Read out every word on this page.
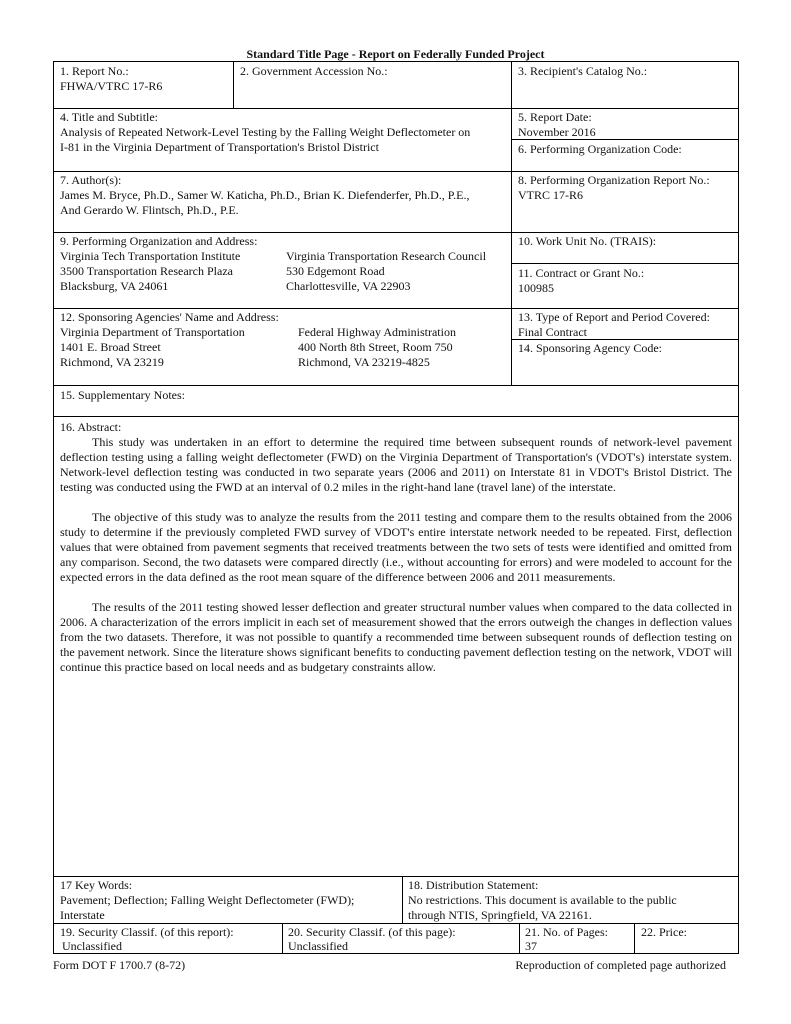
Standard Title Page - Report on Federally Funded Project
1. Report No.:
FHWA/VTRC 17-R6
2. Government Accession No.:	3. Recipient's Catalog No.:
4. Title and Subtitle:
Analysis of Repeated Network-Level Testing by the Falling Weight Deflectometer on
I-81 in the Virginia Department of Transportation's Bristol District
5. Report Date:
November 2016
6. Performing Organization Code:
7. Author(s):
James M. Bryce, Ph.D., Samer W. Katicha, Ph.D., Brian K. Diefenderfer, Ph.D., P.E.,
And Gerardo W. Flintsch, Ph.D., P.E.
8. Performing Organization Report No.:
VTRC 17-R6
9. Performing Organization and Address:
Virginia Tech Transportation Institute
3500 Transportation Research Plaza
Blacksburg, VA 24061
Virginia Transportation Research Council
530 Edgemont Road
Charlottesville, VA 22903
10. Work Unit No. (TRAIS):
11. Contract or Grant No.:
100985
12. Sponsoring Agencies' Name and Address:
Virginia Department of Transportation
1401 E. Broad Street
Richmond, VA 23219
Federal Highway Administration
400 North 8th Street, Room 750
Richmond, VA 23219-4825
13. Type of Report and Period Covered:
Final Contract
14. Sponsoring Agency Code:
15. Supplementary Notes:
16. Abstract:

This study was undertaken in an effort to determine the required time between subsequent rounds of network-level pavement deflection testing using a falling weight deflectometer (FWD) on the Virginia Department of Transportation's (VDOT's) interstate system. Network-level deflection testing was conducted in two separate years (2006 and 2011) on Interstate 81 in VDOT's Bristol District. The testing was conducted using the FWD at an interval of 0.2 miles in the right-hand lane (travel lane) of the interstate.

The objective of this study was to analyze the results from the 2011 testing and compare them to the results obtained from the 2006 study to determine if the previously completed FWD survey of VDOT's entire interstate network needed to be repeated. First, deflection values that were obtained from pavement segments that received treatments between the two sets of tests were identified and omitted from any comparison. Second, the two datasets were compared directly (i.e., without accounting for errors) and were modeled to account for the expected errors in the data defined as the root mean square of the difference between 2006 and 2011 measurements.

The results of the 2011 testing showed lesser deflection and greater structural number values when compared to the data collected in 2006. A characterization of the errors implicit in each set of measurement showed that the errors outweigh the changes in deflection values from the two datasets. Therefore, it was not possible to quantify a recommended time between subsequent rounds of deflection testing on the pavement network. Since the literature shows significant benefits to conducting pavement deflection testing on the network, VDOT will continue this practice based on local needs and as budgetary constraints allow.

17 Key Words:
Pavement; Deflection; Falling Weight Deflectometer (FWD);
Interstate
18. Distribution Statement:
No restrictions. This document is available to the public
through NTIS, Springfield, VA 22161.
19. Security Classif. (of this report):
Unclassified
20. Security Classif. (of this page):
Unclassified
21. No. of Pages:
37
22. Price:
Form DOT F 1700.7 (8-72)	Reproduction of completed page authorized
